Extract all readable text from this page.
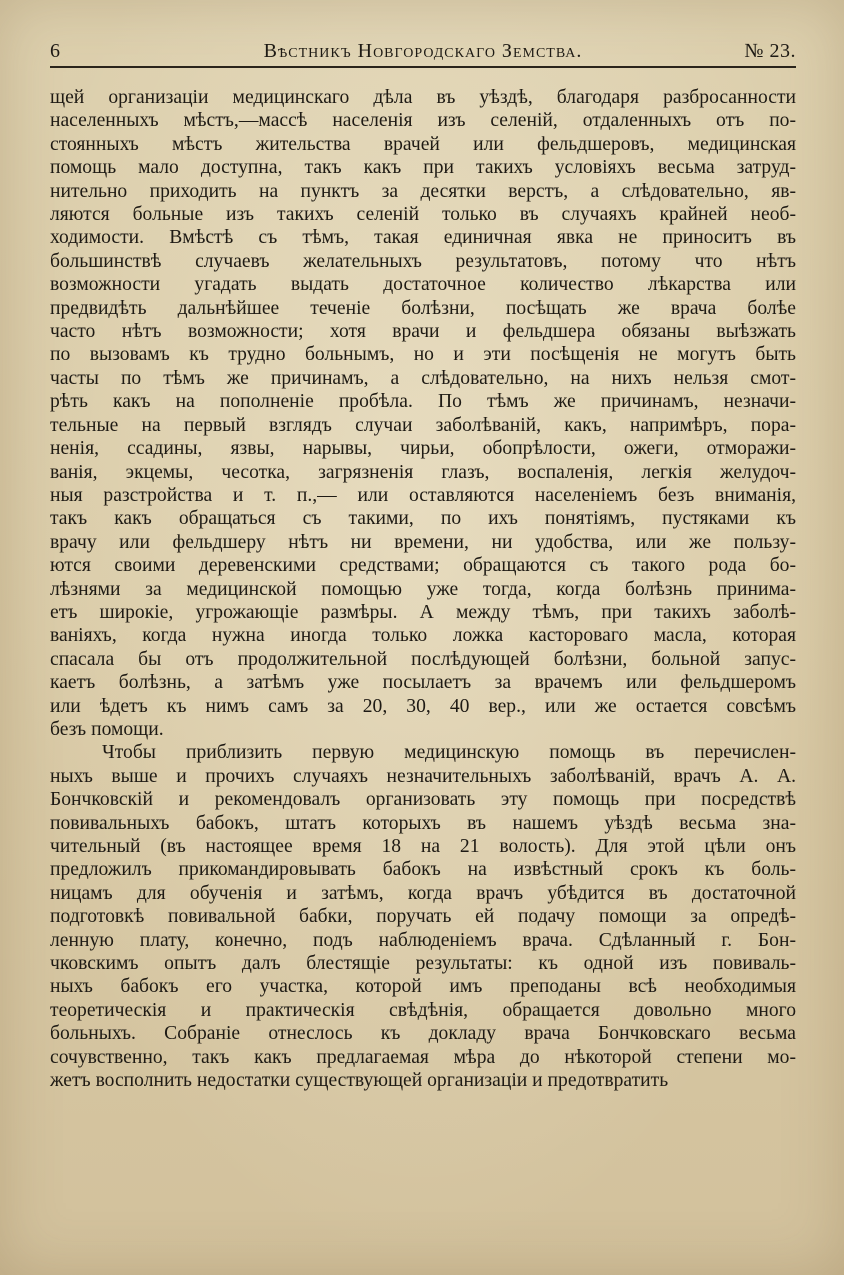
6	Вѣстникъ Новгородскаго Земства.	№ 23.

щей организаціи медицинскаго дѣла въ уѣздѣ, благодаря разбросанности
населенныхъ мѣстъ,—массѣ населенія изъ селеній, отдаленныхъ отъ по-
стоянныхъ мѣстъ жительства врачей или фельдшеровъ, медицинская
помощь мало доступна, такъ какъ при такихъ условіяхъ весьма затруд-
нительно приходить на пунктъ за десятки верстъ, а слѣдовательно, яв-
ляются больные изъ такихъ селеній только въ случаяхъ крайней необ-
ходимости. Вмѣстѣ съ тѣмъ, такая единичная явка не приноситъ въ
большинствѣ случаевъ желательныхъ результатовъ, потому что нѣтъ
возможности угадать выдать достаточное количество лѣкарства или
предвидѣть дальнѣйшее теченіе болѣзни, посѣщать же врача болѣе
часто нѣтъ возможности; хотя врачи и фельдшера обязаны выѣзжать
по вызовамъ къ трудно больнымъ, но и эти посѣщенія не могутъ быть
часты по тѣмъ же причинамъ, а слѣдовательно, на нихъ нельзя смот-
рѣть какъ на пополненіе пробѣла. По тѣмъ же причинамъ, незначи-
тельные на первый взглядъ случаи заболѣваній, какъ, напримѣръ, пора-
ненія, ссадины, язвы, нарывы, чирьи, обопрѣлости, ожеги, отморажи-
ванія, экцемы, чесотка, загрязненія глазъ, воспаленія, легкія желудоч-
ныя разстройства и т. п.,— или оставляются населеніемъ безъ вниманія,
такъ какъ обращаться съ такими, по ихъ понятіямъ, пустяками къ
врачу или фельдшеру нѣтъ ни времени, ни удобства, или же пользу-
ются своими деревенскими средствами; обращаются съ такого рода бо-
лѣзнями за медицинской помощью уже тогда, когда болѣзнь принима-
етъ широкіе, угрожающіе размѣры. А между тѣмъ, при такихъ заболѣ-
ваніяхъ, когда нужна иногда только ложка кастороваго масла, которая
спасала бы отъ продолжительной послѣдующей болѣзни, больной запус-
каетъ болѣзнь, а затѣмъ уже посылаетъ за врачемъ или фельдшеромъ
или ѣдетъ къ нимъ самъ за 20, 30, 40 вер., или же остается совсѣмъ
безъ помощи.

Чтобы приблизить первую медицинскую помощь въ перечислен-
ныхъ выше и прочихъ случаяхъ незначительныхъ заболѣваній, врачъ А. А.
Бончковскій и рекомендовалъ организовать эту помощь при посредствѣ
повивальныхъ бабокъ, штатъ которыхъ въ нашемъ уѣздѣ весьма зна-
чительный (въ настоящее время 18 на 21 волость). Для этой цѣли онъ
предложилъ прикомандировывать бабокъ на извѣстный срокъ къ боль-
ницамъ для обученія и затѣмъ, когда врачъ убѣдится въ достаточной
подготовкѣ повивальной бабки, поручать ей подачу помощи за опредѣ-
ленную плату, конечно, подъ наблюденіемъ врача. Сдѣланный г. Бон-
чковскимъ опытъ далъ блестящіе результаты: къ одной изъ повиваль-
ныхъ бабокъ его участка, которой имъ преподаны всѣ необходимыя
теоретическія и практическія свѣдѣнія, обращается довольно много
больныхъ. Собраніе отнеслось къ докладу врача Бончковскаго весьма
сочувственно, такъ какъ предлагаемая мѣра до нѣкоторой степени мо-
жетъ восполнить недостатки существующей организаціи и предотвратить
